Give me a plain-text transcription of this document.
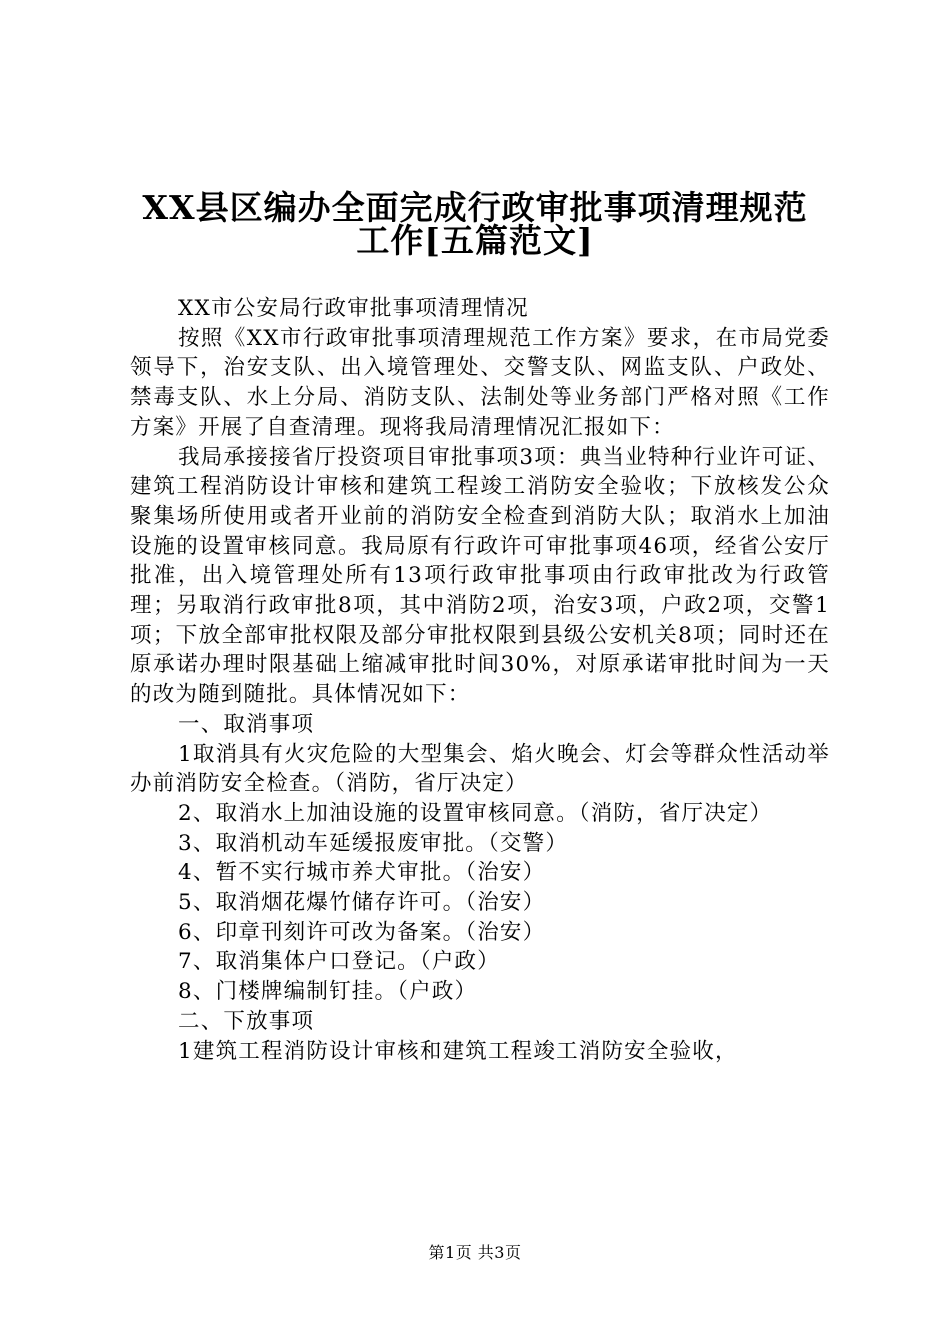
XX县区编办全面完成行政审批事项清理规范
工作[五篇范文]

XX市公安局行政审批事项清理情况

按照《XX市行政审批事项清理规范工作方案》要求，在市局党委领导下，治安支队、出入境管理处、交警支队、网监支队、户政处、禁毒支队、水上分局、消防支队、法制处等业务部门严格对照《工作方案》开展了自查清理。现将我局清理情况汇报如下：

我局承接接省厅投资项目审批事项3项：典当业特种行业许可证、建筑工程消防设计审核和建筑工程竣工消防安全验收；下放核发公众聚集场所使用或者开业前的消防安全检查到消防大队；取消水上加油设施的设置审核同意。我局原有行政许可审批事项46项，经省公安厅批准，出入境管理处所有13项行政审批事项由行政审批改为行政管理；另取消行政审批8项，其中消防2项，治安3项，户政2项，交警1项；下放全部审批权限及部分审批权限到县级公安机关8项；同时还在原承诺办理时限基础上缩减审批时间30%，对原承诺审批时间为一天的改为随到随批。具体情况如下：

一、取消事项

1取消具有火灾危险的大型集会、焰火晚会、灯会等群众性活动举办前消防安全检查。（消防，省厅决定）

2、取消水上加油设施的设置审核同意。（消防，省厅决定）

3、取消机动车延缓报废审批。（交警）

4、暂不实行城市养犬审批。（治安）

5、取消烟花爆竹储存许可。（治安）

6、印章刊刻许可改为备案。（治安）

7、取消集体户口登记。（户政）

8、门楼牌编制钉挂。（户政）

二、下放事项

1建筑工程消防设计审核和建筑工程竣工消防安全验收，

第1页 共3页
